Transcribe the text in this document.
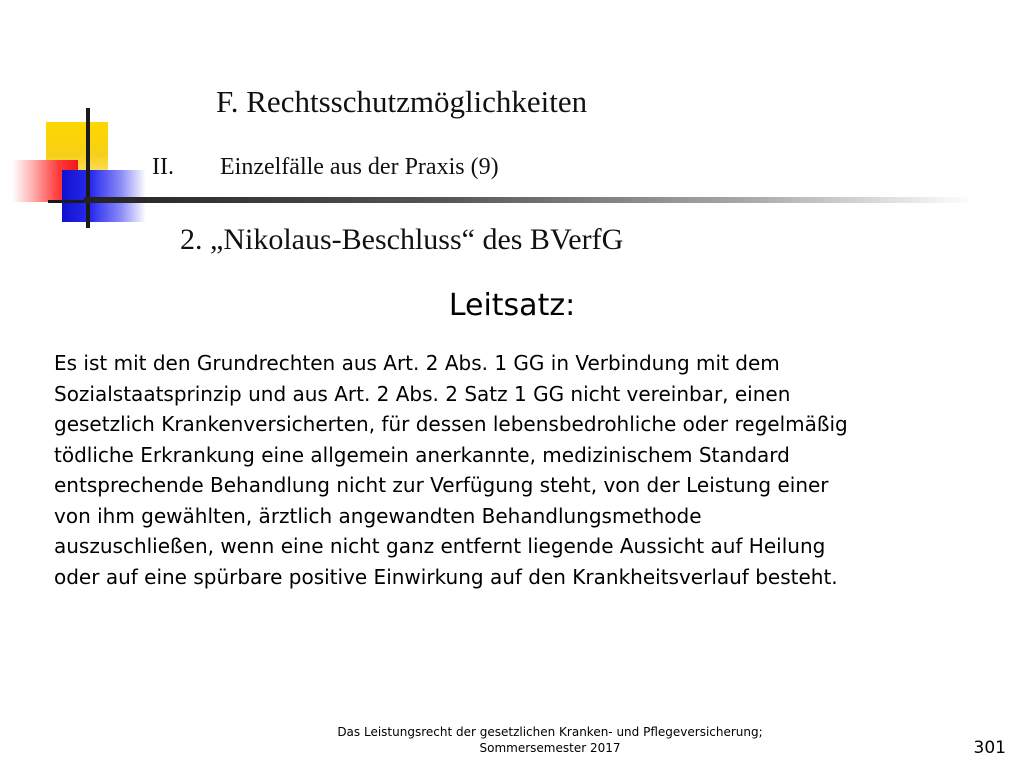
F. Rechtsschutzmöglichkeiten
II. Einzelfälle aus der Praxis (9)
2. „Nikolaus-Beschluss“ des BVerfG
Leitsatz:
Es ist mit den Grundrechten aus Art. 2 Abs. 1 GG in Verbindung mit dem
Sozialstaatsprinzip und aus Art. 2 Abs. 2 Satz 1 GG nicht vereinbar, einen
gesetzlich Krankenversicherten, für dessen lebensbedrohliche oder regelmäßig
tödliche Erkrankung eine allgemein anerkannte, medizinischem Standard
entsprechende Behandlung nicht zur Verfügung steht, von der Leistung einer
von ihm gewählten, ärztlich angewandten Behandlungsmethode
auszuschließen, wenn eine nicht ganz entfernt liegende Aussicht auf Heilung
oder auf eine spürbare positive Einwirkung auf den Krankheitsverlauf besteht.
Das Leistungsrecht der gesetzlichen Kranken- und Pflegeversicherung;
Sommersemester 2017	301
